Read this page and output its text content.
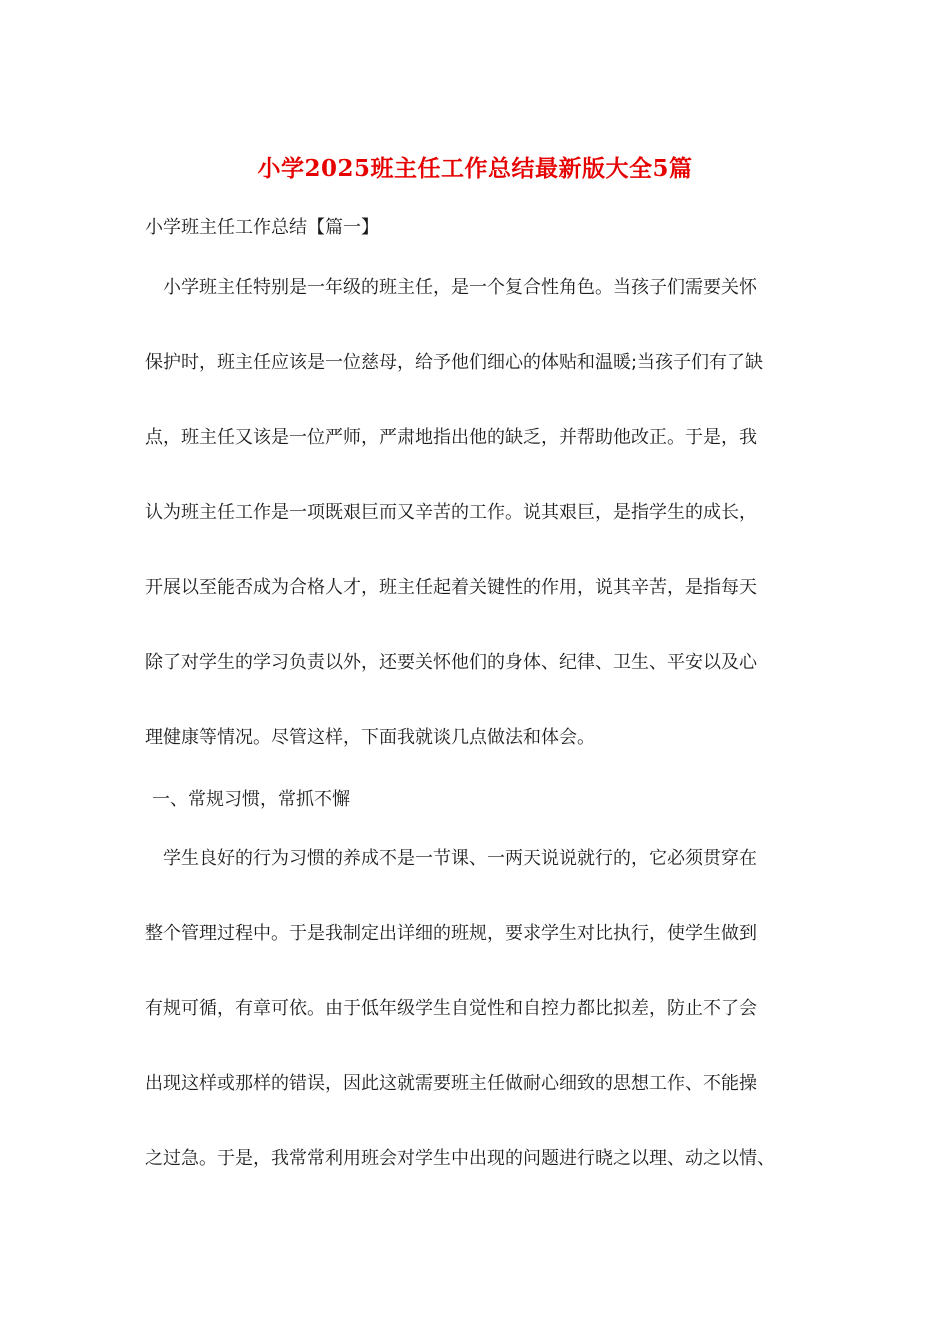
小学2025班主任工作总结最新版大全5篇
小学班主任工作总结【篇一】
　小学班主任特别是一年级的班主任，是一个复合性角色。当孩子们需要关怀
保护时，班主任应该是一位慈母，给予他们细心的体贴和温暖;当孩子们有了缺
点，班主任又该是一位严师，严肃地指出他的缺乏，并帮助他改正。于是，我
认为班主任工作是一项既艰巨而又辛苦的工作。说其艰巨，是指学生的成长，
开展以至能否成为合格人才，班主任起着关键性的作用，说其辛苦，是指每天
除了对学生的学习负责以外，还要关怀他们的身体、纪律、卫生、平安以及心
理健康等情况。尽管这样，下面我就谈几点做法和体会。
一、常规习惯，常抓不懈
　学生良好的行为习惯的养成不是一节课、一两天说说就行的，它必须贯穿在
整个管理过程中。于是我制定出详细的班规，要求学生对比执行，使学生做到
有规可循，有章可依。由于低年级学生自觉性和自控力都比拟差，防止不了会
出现这样或那样的错误，因此这就需要班主任做耐心细致的思想工作、不能操
之过急。于是，我常常利用班会对学生中出现的问题进行晓之以理、动之以情、
